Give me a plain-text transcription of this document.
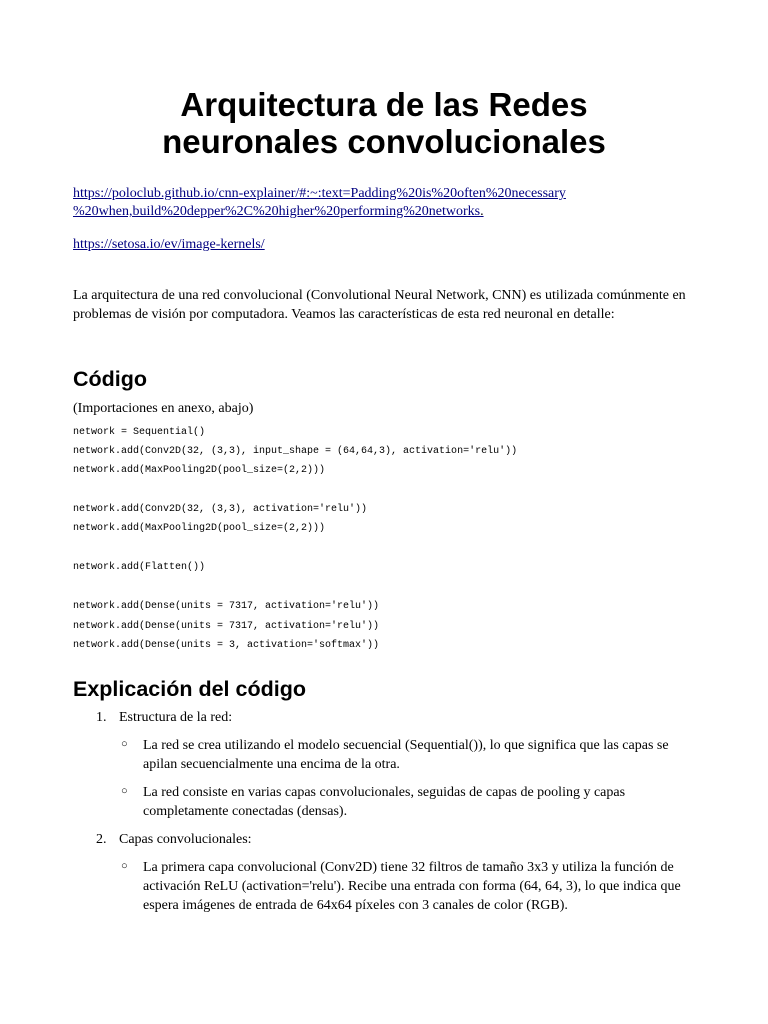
Arquitectura de las Redes
neuronales convolucionales
https://poloclub.github.io/cnn-explainer/#:~:text=Padding%20is%20often%20necessary
%20when,build%20depper%2C%20higher%20performing%20networks.
https://setosa.io/ev/image-kernels/

La arquitectura de una red convolucional (Convolutional Neural Network, CNN) es utilizada comúnmente en problemas de visión por computadora. Veamos las características de esta red neuronal en detalle:

Código

(Importaciones en anexo, abajo)

network = Sequential()
network.add(Conv2D(32, (3,3), input_shape = (64,64,3), activation='relu'))
network.add(MaxPooling2D(pool_size=(2,2)))
network.add(Conv2D(32, (3,3), activation='relu'))
network.add(MaxPooling2D(pool_size=(2,2)))
network.add(Flatten())
network.add(Dense(units = 7317, activation='relu'))
network.add(Dense(units = 7317, activation='relu'))
network.add(Dense(units = 3, activation='softmax'))
Explicación del código
1. Estructura de la red:
○ La red se crea utilizando el modelo secuencial (Sequential()), lo que significa que las capas se apilan secuencialmente una encima de la otra.
○ La red consiste en varias capas convolucionales, seguidas de capas de pooling y capas completamente conectadas (densas).
2. Capas convolucionales:
○ La primera capa convolucional (Conv2D) tiene 32 filtros de tamaño 3x3 y utiliza la función de activación ReLU (activation='relu'). Recibe una entrada con forma (64, 64, 3), lo que indica que espera imágenes de entrada de 64x64 píxeles con 3 canales de color (RGB).
